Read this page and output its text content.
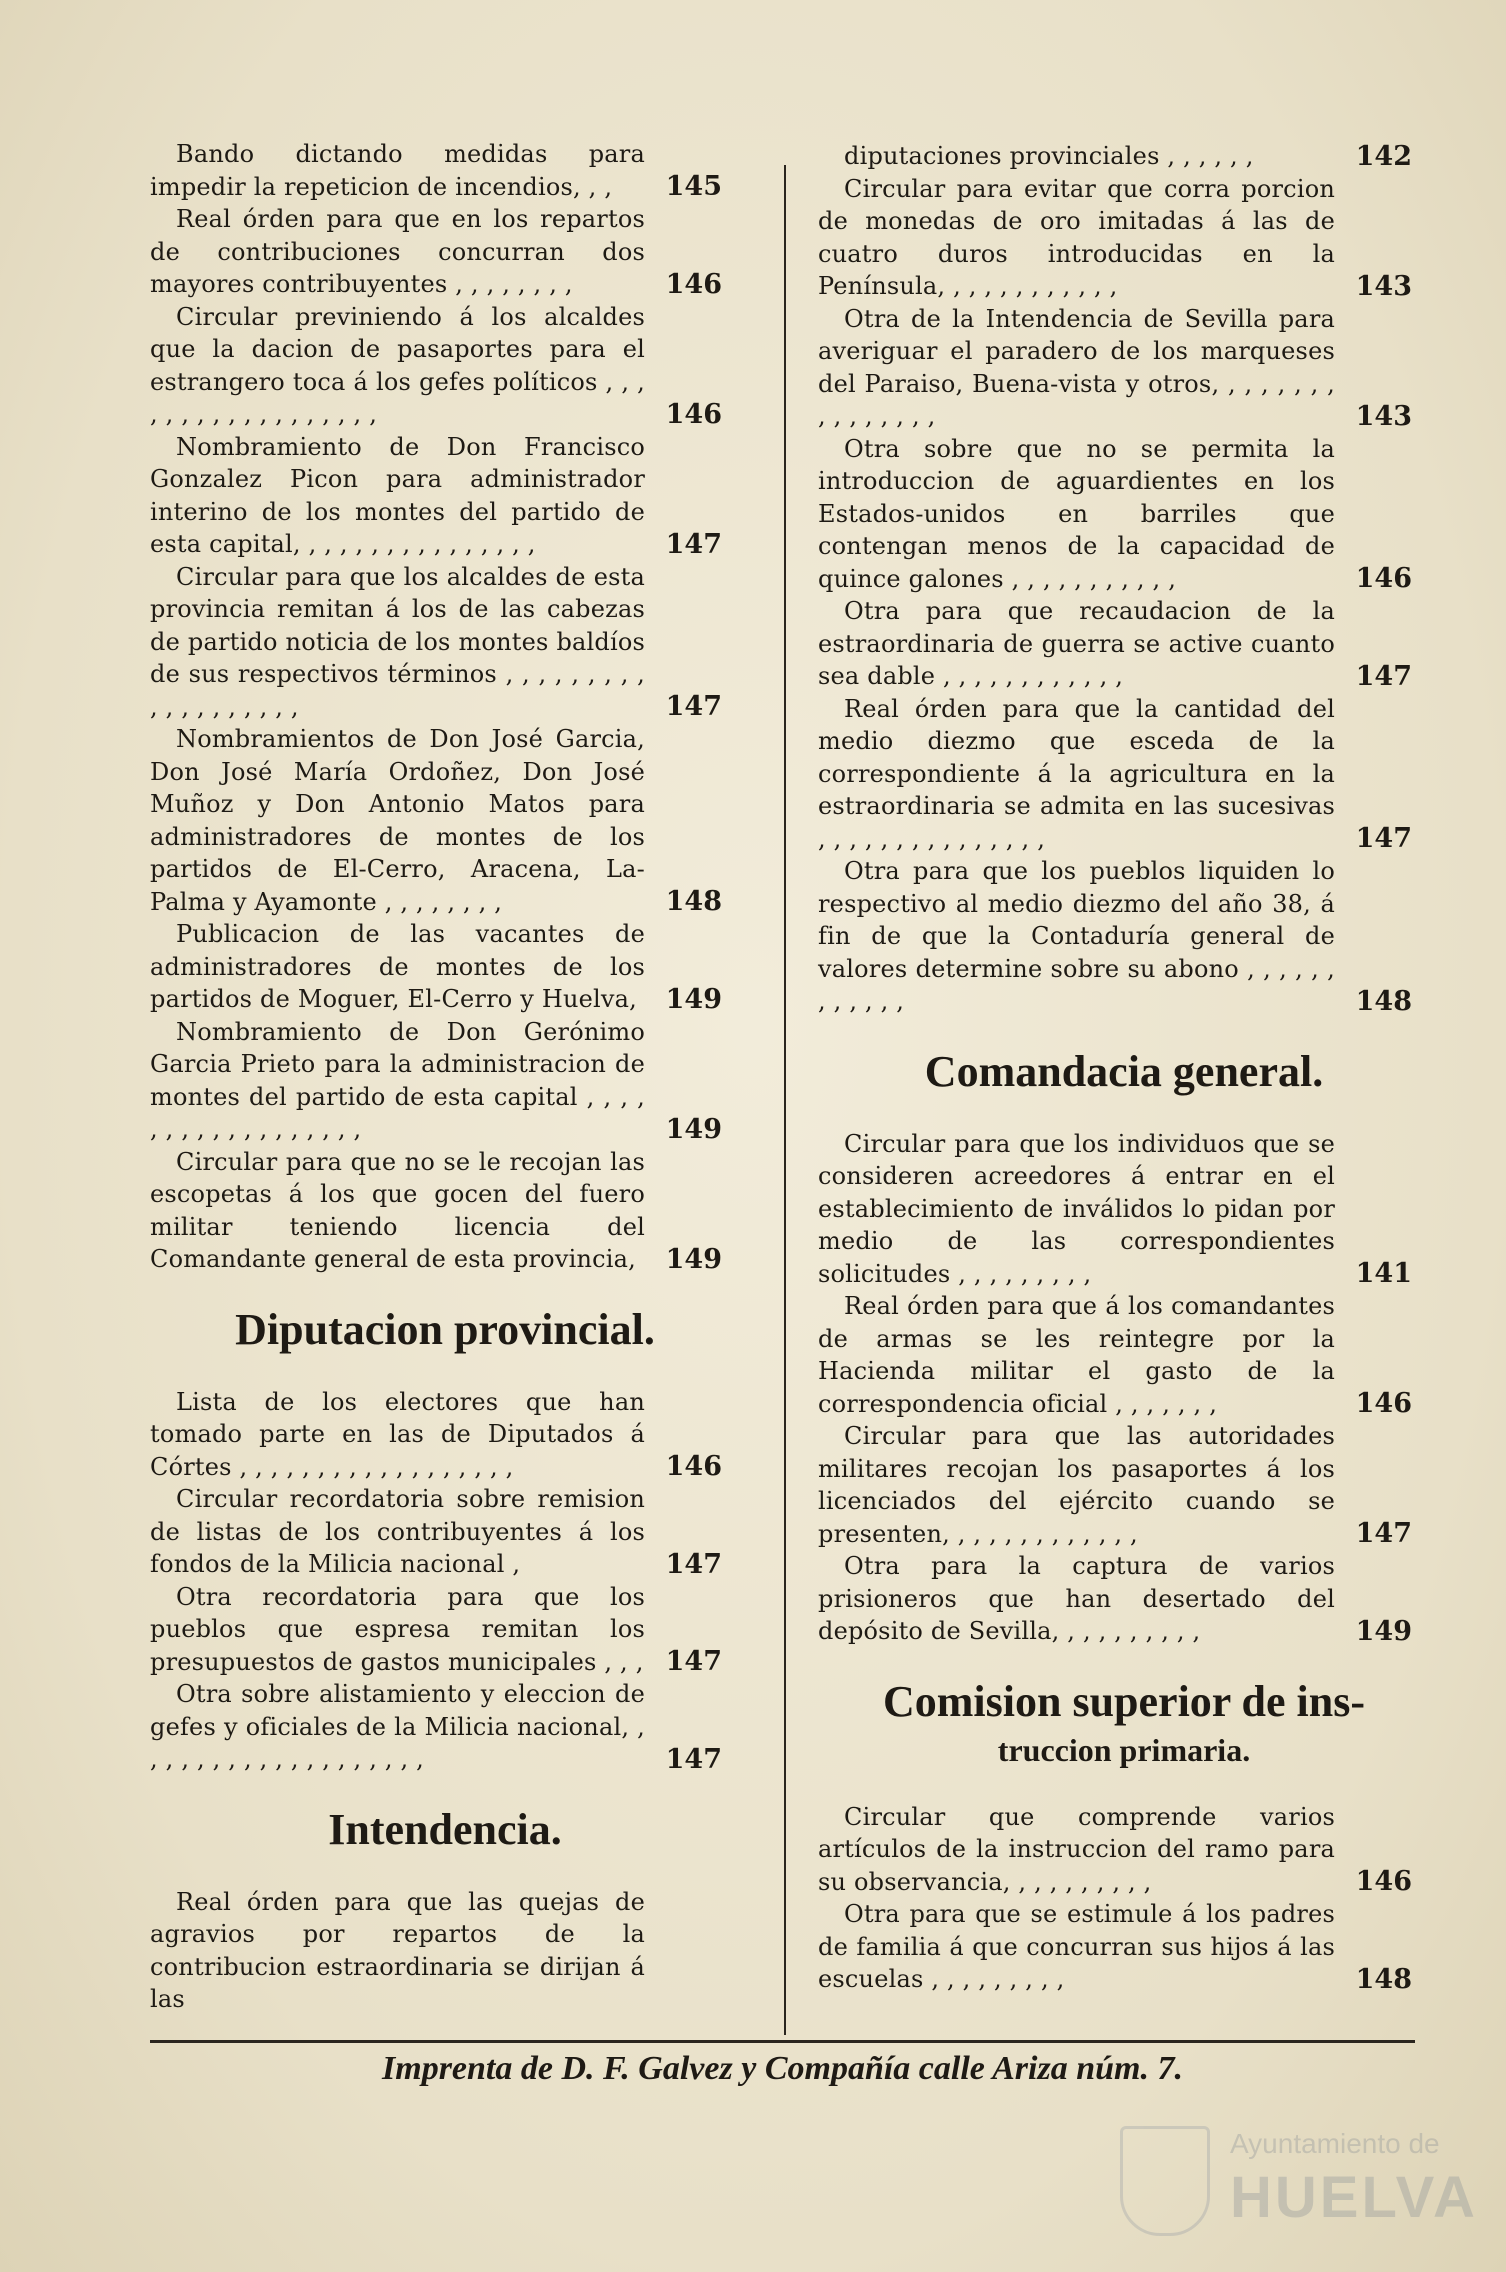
Bando dictando medidas para impedir la repeticion de incendios, , ,	145
Real órden para que en los repartos de contribuciones concurran dos mayores contribuyentes , , , , , , , ,	146
Circular previniendo á los alcaldes que la dacion de pasaportes para el estrangero toca á los gefes políticos , , , , , , , , , , , , , , , , , ,	146
Nombramiento de Don Francisco Gonzalez Picon para administrador interino de los montes del partido de esta capital, , , , , , , , , , , , , , , ,	147
Circular para que los alcaldes de esta provincia remitan á los de las cabezas de partido noticia de los montes baldíos de sus respectivos términos , , , , , , , , , , , , , , , , , , ,	147
Nombramientos de Don José Garcia, Don José María Ordoñez, Don José Muñoz y Don Antonio Matos para administradores de montes de los partidos de El-Cerro, Aracena, La-Palma y Ayamonte , , , , , , , ,	148
Publicacion de las vacantes de administradores de montes de los partidos de Moguer, El-Cerro y Huelva, 149
Nombramiento de Don Gerónimo Garcia Prieto para la administracion de montes del partido de esta capital , , , , , , , , , , , , , , , , , ,	149
Circular para que no se le recojan las escopetas á los que gocen del fuero militar teniendo licencia del Comandante general de esta provincia,	149
Diputacion provincial.
Lista de los electores que han tomado parte en las de Diputados á Córtes , , , , , , , , , , , , , , , , , ,	146
Circular recordatoria sobre remision de listas de los contribuyentes á los fondos de la Milicia nacional ,	147
Otra recordatoria para que los pueblos que espresa remitan los presupuestos de gastos municipales , , , 147
Otra sobre alistamiento y eleccion de gefes y oficiales de la Milicia nacional, , , , , , , , , , , , , , , , , , , ,	147
Intendencia.
Real órden para que las quejas de agravios por repartos de la contribucion estraordinaria se dirijan á las
diputaciones provinciales , , , , , ,	142
Circular para evitar que corra porcion de monedas de oro imitadas á las de cuatro duros introducidas en la Península, , , , , , , , , , , ,	143
Otra de la Intendencia de Sevilla para averiguar el paradero de los marqueses del Paraiso, Buena-vista y otros, , , , , , , , , , , , , , , ,	143
Otra sobre que no se permita la introduccion de aguardientes en los Estados-unidos en barriles que contengan menos de la capacidad de quince galones , , , , , , , , , , ,	146
Otra para que recaudacion de la estraordinaria de guerra se active cuanto sea dable , , , , , , , , , , , ,	147
Real órden para que la cantidad del medio diezmo que esceda de la correspondiente á la agricultura en la estraordinaria se admita en las sucesivas , , , , , , , , , , , , , , ,	147
Otra para que los pueblos liquiden lo respectivo al medio diezmo del año 38, á fin de que la Contaduría general de valores determine sobre su abono , , , , , , , , , , , ,	148
Comandacia general.
Circular para que los individuos que se consideren acreedores á entrar en el establecimiento de inválidos lo pidan por medio de las correspondientes solicitudes , , , , , , , , ,	141
Real órden para que á los comandantes de armas se les reintegre por la Hacienda militar el gasto de la correspondencia oficial , , , , , , ,	146
Circular para que las autoridades militares recojan los pasaportes á los licenciados del ejército cuando se presenten, , , , , , , , , , , , ,	147
Otra para la captura de varios prisioneros que han desertado del depósito de Sevilla, , , , , , , , , ,	149
Comision superior de ins-
truccion primaria.
Circular que comprende varios artículos de la instruccion del ramo para su observancia, , , , , , , , , ,	146
Otra para que se estimule á los padres de familia á que concurran sus hijos á las escuelas , , , , , , , , ,	148
Imprenta de D. F. Galvez y Compañía calle Ariza núm. 7.
Ayuntamiento de
HUELVA
